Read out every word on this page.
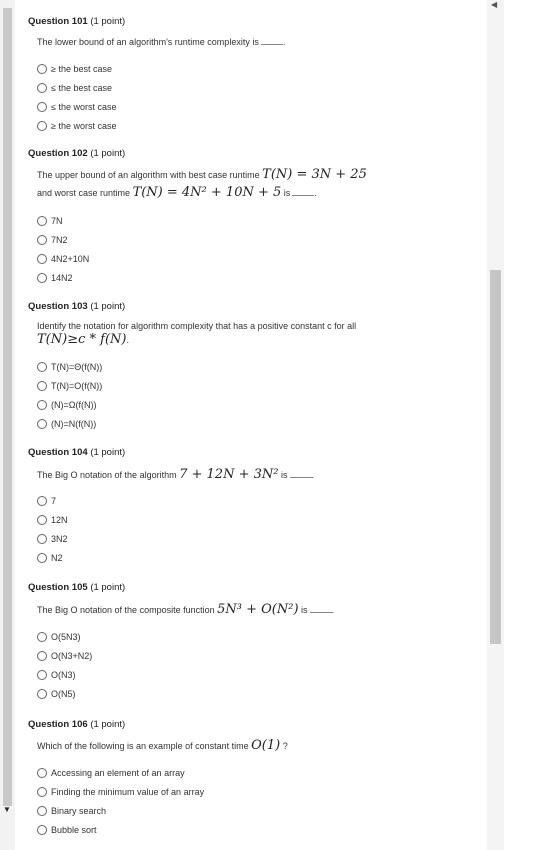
▼
◀
Question 101 (1 point)
The lower bound of an algorithm's runtime complexity is	.
≥ the best case
≤ the best case
≤ the worst case
≥ the worst case
Question 102 (1 point)
The upper bound of an algorithm with best case runtime T(N) = 3N + 25
and worst case runtime T(N) = 4N² + 10N + 5 is	.
7N
7N2
4N2+10N
14N2
Question 103 (1 point)
Identify the notation for algorithm complexity that has a positive constant c for all
T(N)≥c * f(N).
T(N)=Θ(f(N))
T(N)=O(f(N))
(N)=Ω(f(N))
(N)=N(f(N))
Question 104 (1 point)
The Big O notation of the algorithm 7 + 12N + 3N² is	.
7
12N
3N2
N2
Question 105 (1 point)
The Big O notation of the composite function 5N³ + O(N²) is	.
O(5N3)
O(N3+N2)
O(N3)
O(N5)
Question 106 (1 point)
Which of the following is an example of constant time O(1) ?
Accessing an element of an array
Finding the minimum value of an array
Binary search
Bubble sort
